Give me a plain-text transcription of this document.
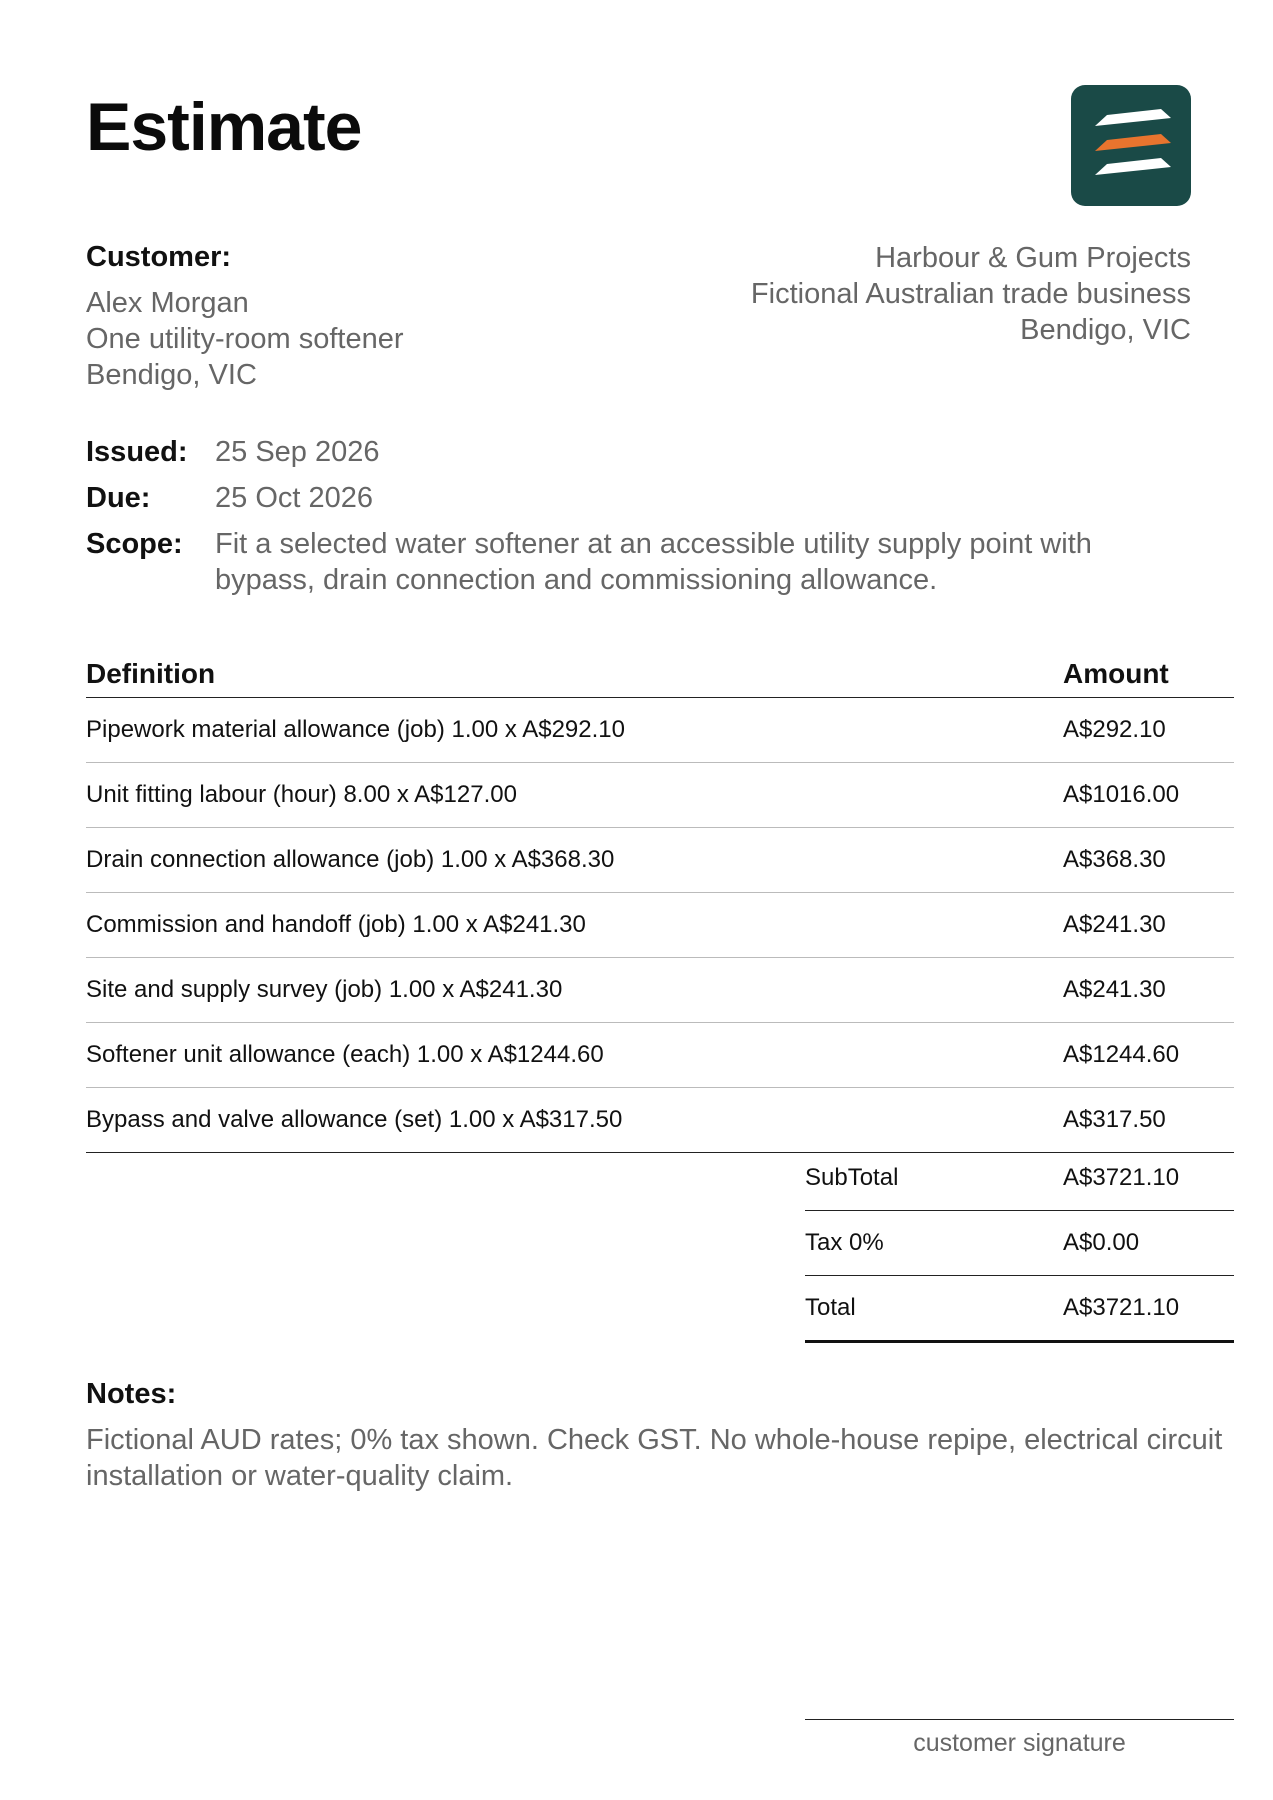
Estimate
Customer:
Alex Morgan
One utility-room softener
Bendigo, VIC
Harbour & Gum Projects
Fictional Australian trade business
Bendigo, VIC
Issued: 25 Sep 2026
Due:	25 Oct 2026
Scope:	Fit a selected water softener at an accessible utility supply point with bypass, drain connection and commissioning allowance.
Definition	Amount
Pipework material allowance (job) 1.00 x A$292.10	A$292.10
Unit fitting labour (hour) 8.00 x A$127.00	A$1016.00
Drain connection allowance (job) 1.00 x A$368.30	A$368.30
Commission and handoff (job) 1.00 x A$241.30	A$241.30
Site and supply survey (job) 1.00 x A$241.30	A$241.30
Softener unit allowance (each) 1.00 x A$1244.60	A$1244.60
Bypass and valve allowance (set) 1.00 x A$317.50	A$317.50
SubTotal	A$3721.10
Tax 0%	A$0.00
Total	A$3721.10
Notes:
Fictional AUD rates; 0% tax shown. Check GST. No whole-house repipe, electrical circuit installation or water-quality claim.
customer signature
